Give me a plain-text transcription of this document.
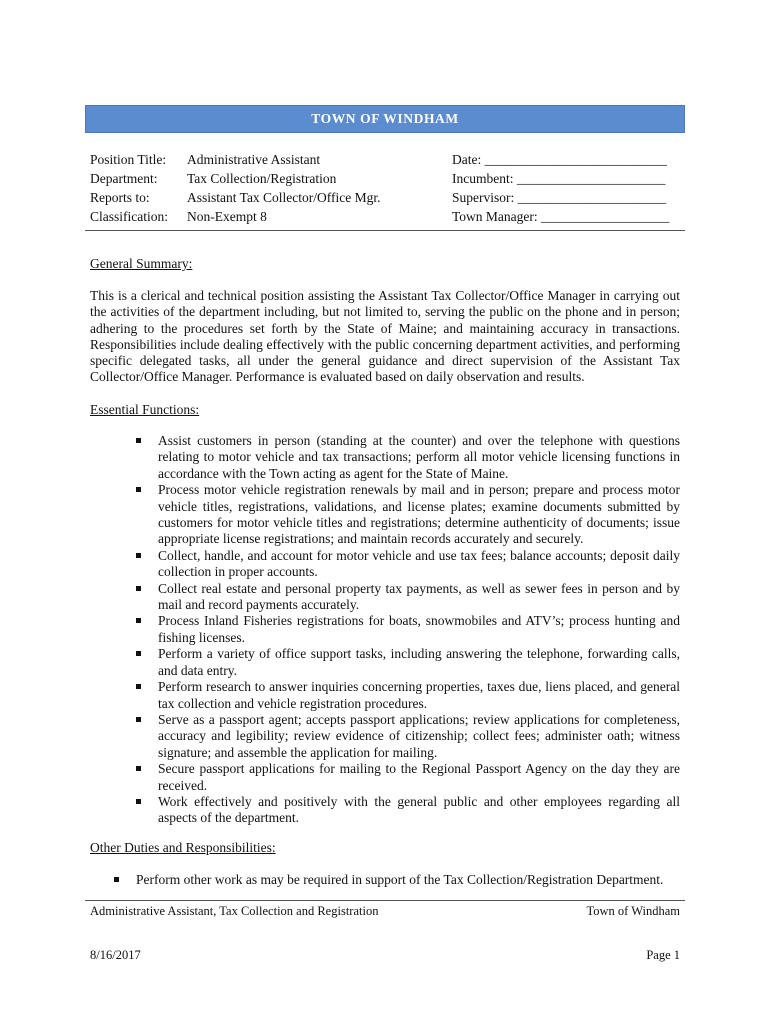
TOWN OF WINDHAM
Position Title:	Administrative Assistant	Date: ___________________________
Department:	Tax Collection/Registration	Incumbent: ______________________
Reports to:	Assistant Tax Collector/Office Mgr.	Supervisor: ______________________
Classification:	Non-Exempt 8	Town Manager: ___________________
General Summary:
This is a clerical and technical position assisting the Assistant Tax Collector/Office Manager in carrying out the activities of the department including, but not limited to, serving the public on the phone and in person; adhering to the procedures set forth by the State of Maine; and maintaining accuracy in transactions. Responsibilities include dealing effectively with the public concerning department activities, and performing specific delegated tasks, all under the general guidance and direct supervision of the Assistant Tax Collector/Office Manager. Performance is evaluated based on daily observation and results.
Essential Functions:

Assist customers in person (standing at the counter) and over the telephone with questions relating to motor vehicle and tax transactions; perform all motor vehicle licensing functions in accordance with the Town acting as agent for the State of Maine.

Process motor vehicle registration renewals by mail and in person; prepare and process motor vehicle titles, registrations, validations, and license plates; examine documents submitted by customers for motor vehicle titles and registrations; determine authenticity of documents; issue appropriate license registrations; and maintain records accurately and securely.

Collect, handle, and account for motor vehicle and use tax fees; balance accounts; deposit daily collection in proper accounts.

Collect real estate and personal property tax payments, as well as sewer fees in person and by mail and record payments accurately.

Process Inland Fisheries registrations for boats, snowmobiles and ATV’s; process hunting and fishing licenses.

Perform a variety of office support tasks, including answering the telephone, forwarding calls, and data entry.

Perform research to answer inquiries concerning properties, taxes due, liens placed, and general tax collection and vehicle registration procedures.

Serve as a passport agent; accepts passport applications; review applications for completeness, accuracy and legibility; review evidence of citizenship; collect fees; administer oath; witness signature; and assemble the application for mailing.

Secure passport applications for mailing to the Regional Passport Agency on the day they are received.

Work effectively and positively with the general public and other employees regarding all aspects of the department.

Other Duties and Responsibilities:
Perform other work as may be required in support of the Tax Collection/Registration Department.
Administrative Assistant, Tax Collection and Registration	Town of Windham
8/16/2017	Page 1
